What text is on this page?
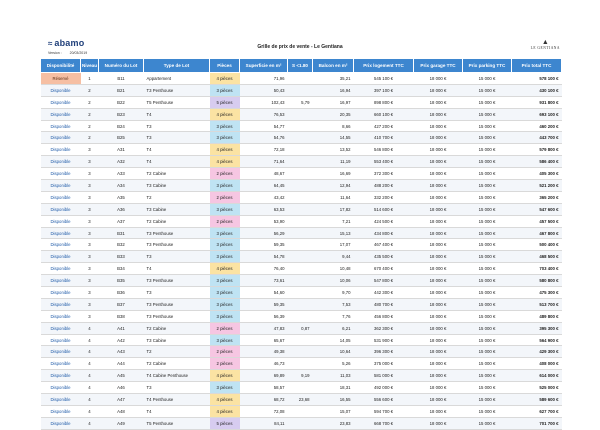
≈ abamo
Version : 20/03/2019
Grille de prix de vente - Le Gentiana
▲
LE GENTIANA
Disponibilité	Niveau	Numéro du Lot	Type de Lot	Pièces	Superficie en m²	S <1.80	Balcon en m²	Prix logement TTC	Prix garage TTC	Prix parking TTC	Prix total TTC
Réservé	1	B11	Appartement	4 pièces	71,96		35,21	545 100 €	18 000 €	15 000 €	578 100 €
Disponible	2	B21	T3 Penthouse	3 pièces	50,43		16,94	397 100 €	18 000 €	15 000 €	430 100 €
Disponible	2	B22	T5 Penthouse	5 pièces	102,43	5,79	16,97	898 800 €	18 000 €	15 000 €	931 800 €
Disponible	2	B23	T4	4 pièces	76,53		20,35	660 100 €	18 000 €	15 000 €	693 100 €
Disponible	2	B24	T3	3 pièces	54,77		8,66	427 200 €	18 000 €	15 000 €	460 200 €
Disponible	2	B25	T3	3 pièces	54,76		14,55	410 700 €	18 000 €	15 000 €	443 700 €
Disponible	3	A31	T4	4 pièces	72,18		13,52	546 800 €	18 000 €	15 000 €	579 800 €
Disponible	3	A32	T4	4 pièces	71,64		11,19	553 400 €	18 000 €	15 000 €	586 400 €
Disponible	3	A33	T2 Cabine	2 pièces	48,67		16,69	372 300 €	18 000 €	15 000 €	405 300 €
Disponible	3	A34	T3 Cabine	3 pièces	64,45		12,94	488 200 €	18 000 €	15 000 €	521 200 €
Disponible	3	A35	T2	2 pièces	43,42		11,64	332 200 €	18 000 €	15 000 €	365 200 €
Disponible	3	A36	T3 Cabine	3 pièces	63,53		17,82	514 600 €	18 000 €	15 000 €	547 600 €
Disponible	3	A37	T2 Cabine	2 pièces	53,90		7,21	424 500 €	18 000 €	15 000 €	457 500 €
Disponible	3	B31	T3 Penthouse	3 pièces	56,29		15,13	434 800 €	18 000 €	15 000 €	467 800 €
Disponible	3	B32	T3 Penthouse	3 pièces	59,35		17,07	467 400 €	18 000 €	15 000 €	500 400 €
Disponible	3	B33	T3	3 pièces	54,78		9,44	435 500 €	18 000 €	15 000 €	468 500 €
Disponible	3	B34	T4	4 pièces	76,40		10,48	670 400 €	18 000 €	15 000 €	703 400 €
Disponible	3	B35	T3 Penthouse	3 pièces	73,61		10,06	547 800 €	18 000 €	15 000 €	580 800 €
Disponible	3	B36	T3	3 pièces	54,60		9,70	442 300 €	18 000 €	15 000 €	475 300 €
Disponible	3	B37	T3 Penthouse	3 pièces	59,35		7,53	480 700 €	18 000 €	15 000 €	513 700 €
Disponible	3	B38	T3 Penthouse	3 pièces	56,39		7,76	456 800 €	18 000 €	15 000 €	489 800 €
Disponible	4	A41	T2 Cabine	2 pièces	47,83	0,87	6,21	362 300 €	18 000 €	15 000 €	395 300 €
Disponible	4	A42	T3 Cabine	3 pièces	65,67		14,05	531 900 €	18 000 €	15 000 €	564 900 €
Disponible	4	A43	T2	2 pièces	49,38		10,64	396 300 €	18 000 €	15 000 €	429 300 €
Disponible	4	A44	T2 Cabine	2 pièces	46,73		5,26	375 000 €	18 000 €	15 000 €	408 000 €
Disponible	4	A45	T4 Cabine Penthouse	4 pièces	69,89	9,19	11,03	581 000 €	18 000 €	15 000 €	614 000 €
Disponible	4	A46	T3	3 pièces	58,57		18,31	492 000 €	18 000 €	15 000 €	525 000 €
Disponible	4	A47	T4 Penthouse	4 pièces	68,72	23,68	16,55	556 600 €	18 000 €	15 000 €	589 600 €
Disponible	4	A48	T4	4 pièces	72,08		15,07	594 700 €	18 000 €	15 000 €	627 700 €
Disponible	4	A49	T5 Penthouse	5 pièces	84,11		23,83	668 700 €	18 000 €	15 000 €	701 700 €
